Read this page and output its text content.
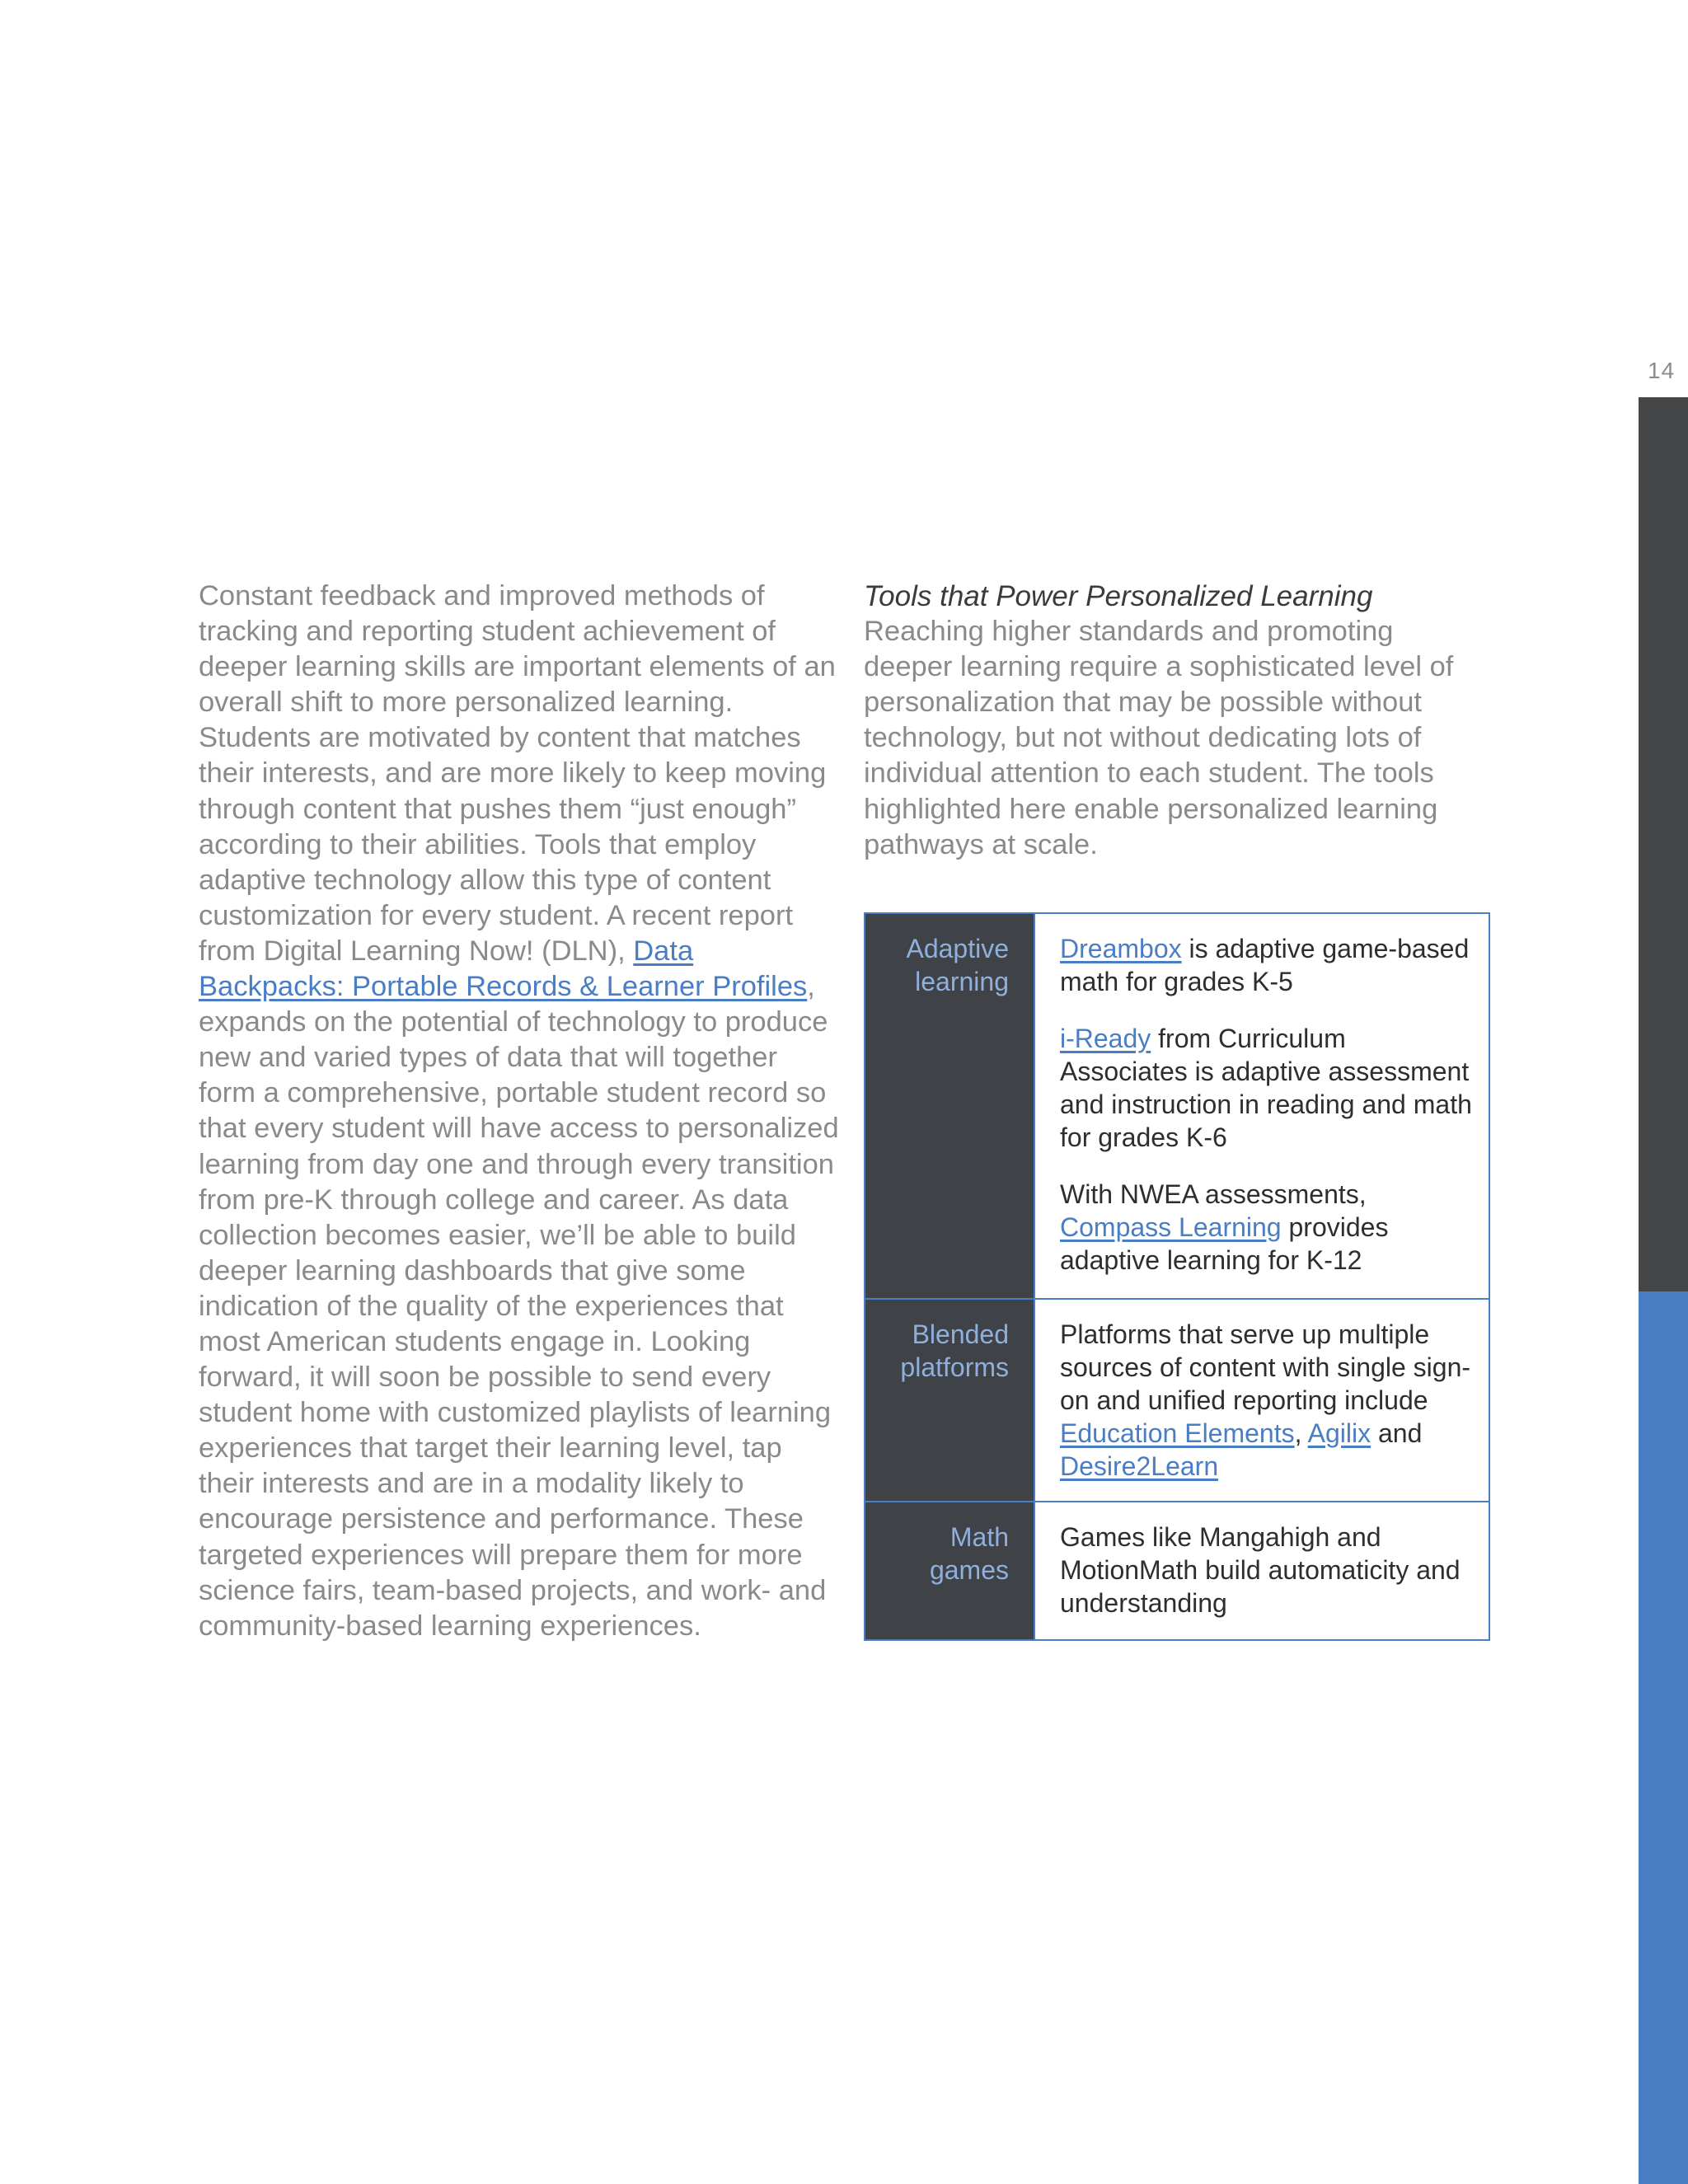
14

Constant feedback and improved methods of tracking and reporting student achievement of deeper learning skills are important elements of an overall shift to more personalized learning. Students are motivated by content that matches their interests, and are more likely to keep moving through content that pushes them “just enough” according to their abilities. Tools that employ adaptive technology allow this type of content customization for every student. A recent report from Digital Learning Now! (DLN), Data Backpacks: Portable Records & Learner Profiles, expands on the potential of technology to produce new and varied types of data that will together form a comprehensive, portable student record so that every student will have access to personalized learning from day one and through every transition from pre-K through college and career. As data collection becomes easier, we’ll be able to build deeper learning dashboards that give some indication of the quality of the experiences that most American students engage in. Looking forward, it will soon be possible to send every student home with customized playlists of learning experiences that target their learning level, tap their interests and are in a modality likely to encourage persistence and performance. These targeted experiences will prepare them for more science fairs, team-based projects, and work- and community-based learning experiences.

Tools that Power Personalized Learning

Reaching higher standards and promoting deeper learning require a sophisticated level of personalization that may be possible without technology, but not without dedicating lots of individual attention to each student. The tools highlighted here enable personalized learning pathways at scale.

Adaptive learning

Dreambox is adaptive game-based math for grades K-5

i-Ready from Curriculum Associates is adaptive assessment and instruction in reading and math for grades K-6

With NWEA assessments, Compass Learning provides adaptive learning for K-12

Blended platforms

Platforms that serve up multiple sources of content with single sign-on and unified reporting include Education Elements, Agilix and Desire2Learn

Math games

Games like Mangahigh and MotionMath build automaticity and understanding
